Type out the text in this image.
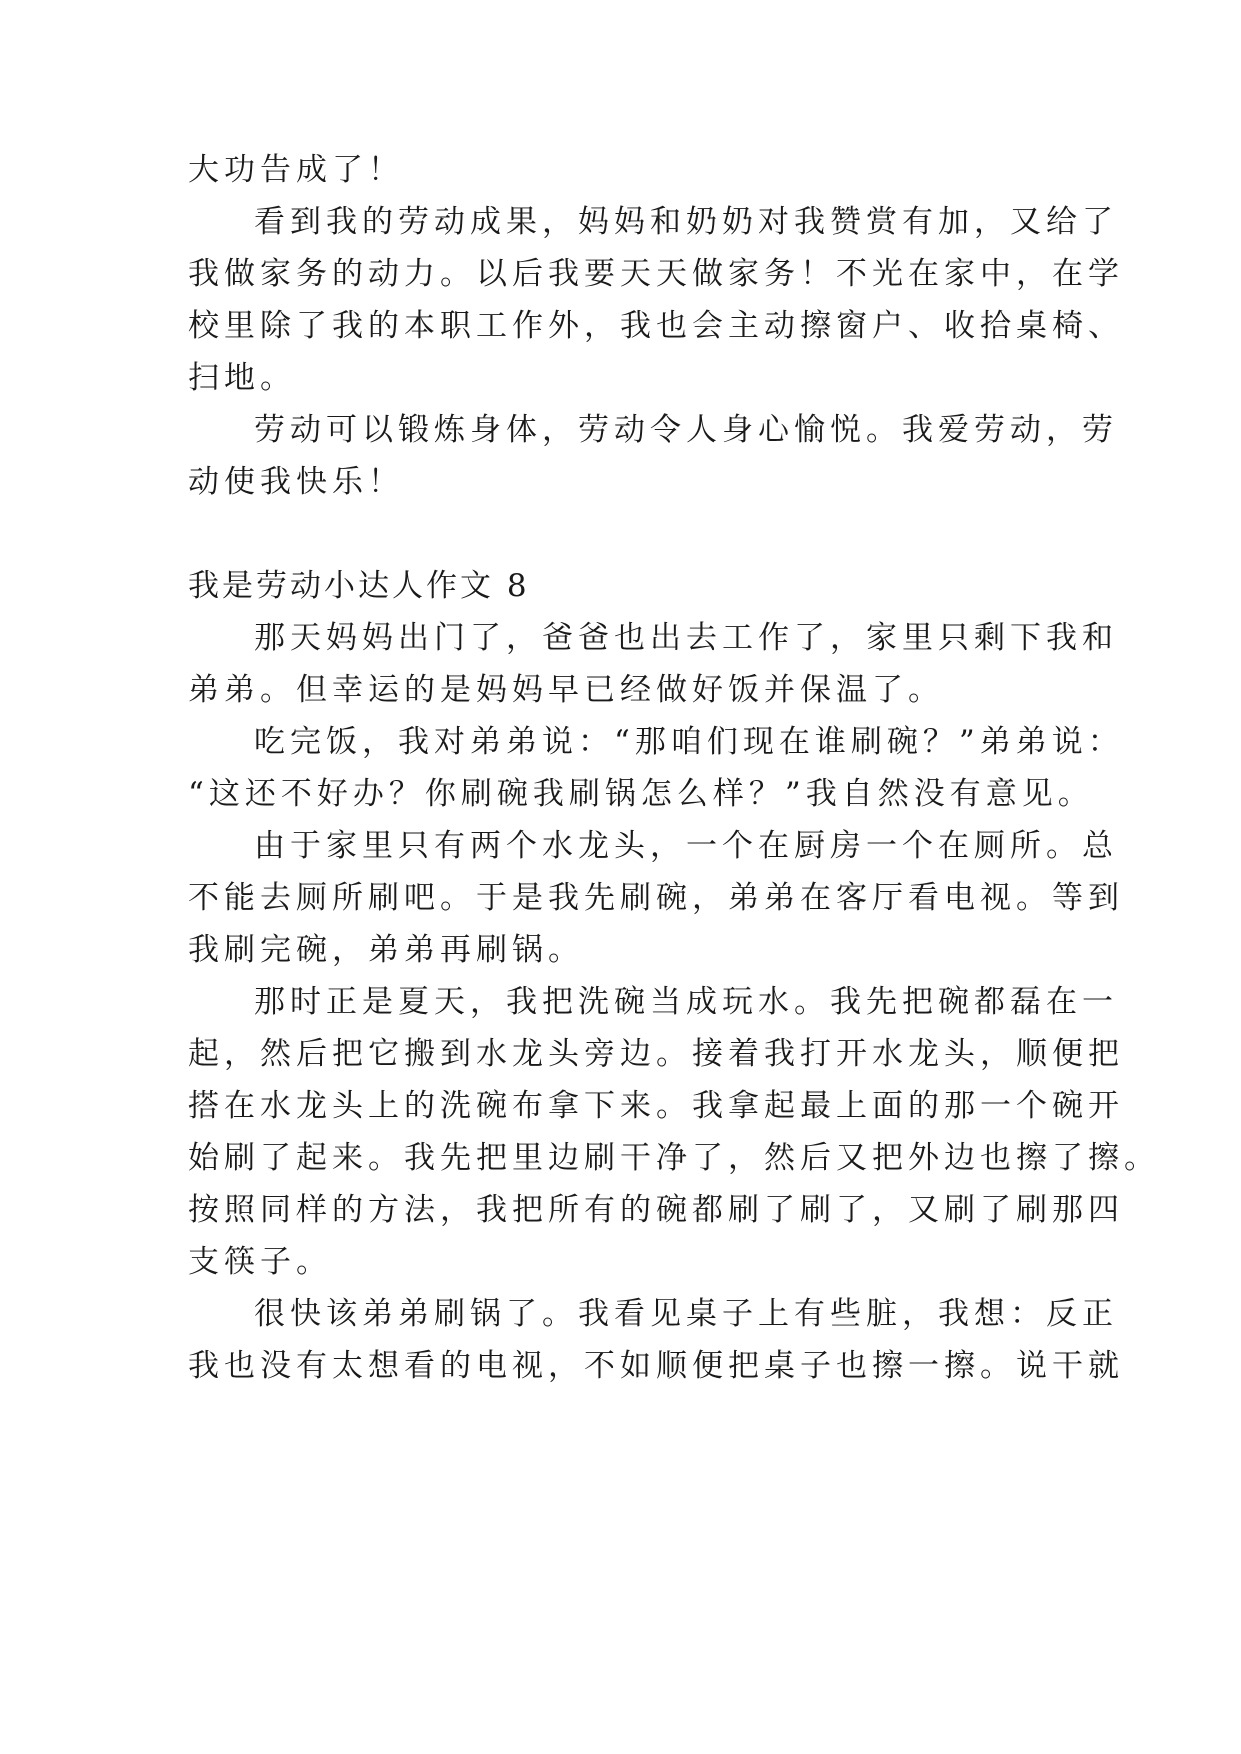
大功告成了！
看到我的劳动成果，妈妈和奶奶对我赞赏有加，又给了
我做家务的动力。以后我要天天做家务！不光在家中，在学
校里除了我的本职工作外，我也会主动擦窗户、收拾桌椅、
扫地。
劳动可以锻炼身体，劳动令人身心愉悦。我爱劳动，劳
动使我快乐！
我是劳动小达人作文 8
那天妈妈出门了，爸爸也出去工作了，家里只剩下我和
弟弟。但幸运的是妈妈早已经做好饭并保温了。
吃完饭，我对弟弟说：“那咱们现在谁刷碗？”弟弟说：
“这还不好办？你刷碗我刷锅怎么样？”我自然没有意见。
由于家里只有两个水龙头，一个在厨房一个在厕所。总
不能去厕所刷吧。于是我先刷碗，弟弟在客厅看电视。等到
我刷完碗，弟弟再刷锅。
那时正是夏天，我把洗碗当成玩水。我先把碗都磊在一
起，然后把它搬到水龙头旁边。接着我打开水龙头，顺便把
搭在水龙头上的洗碗布拿下来。我拿起最上面的那一个碗开
始刷了起来。我先把里边刷干净了，然后又把外边也擦了擦。
按照同样的方法，我把所有的碗都刷了刷了，又刷了刷那四
支筷子。
很快该弟弟刷锅了。我看见桌子上有些脏，我想：反正
我也没有太想看的电视，不如顺便把桌子也擦一擦。说干就
